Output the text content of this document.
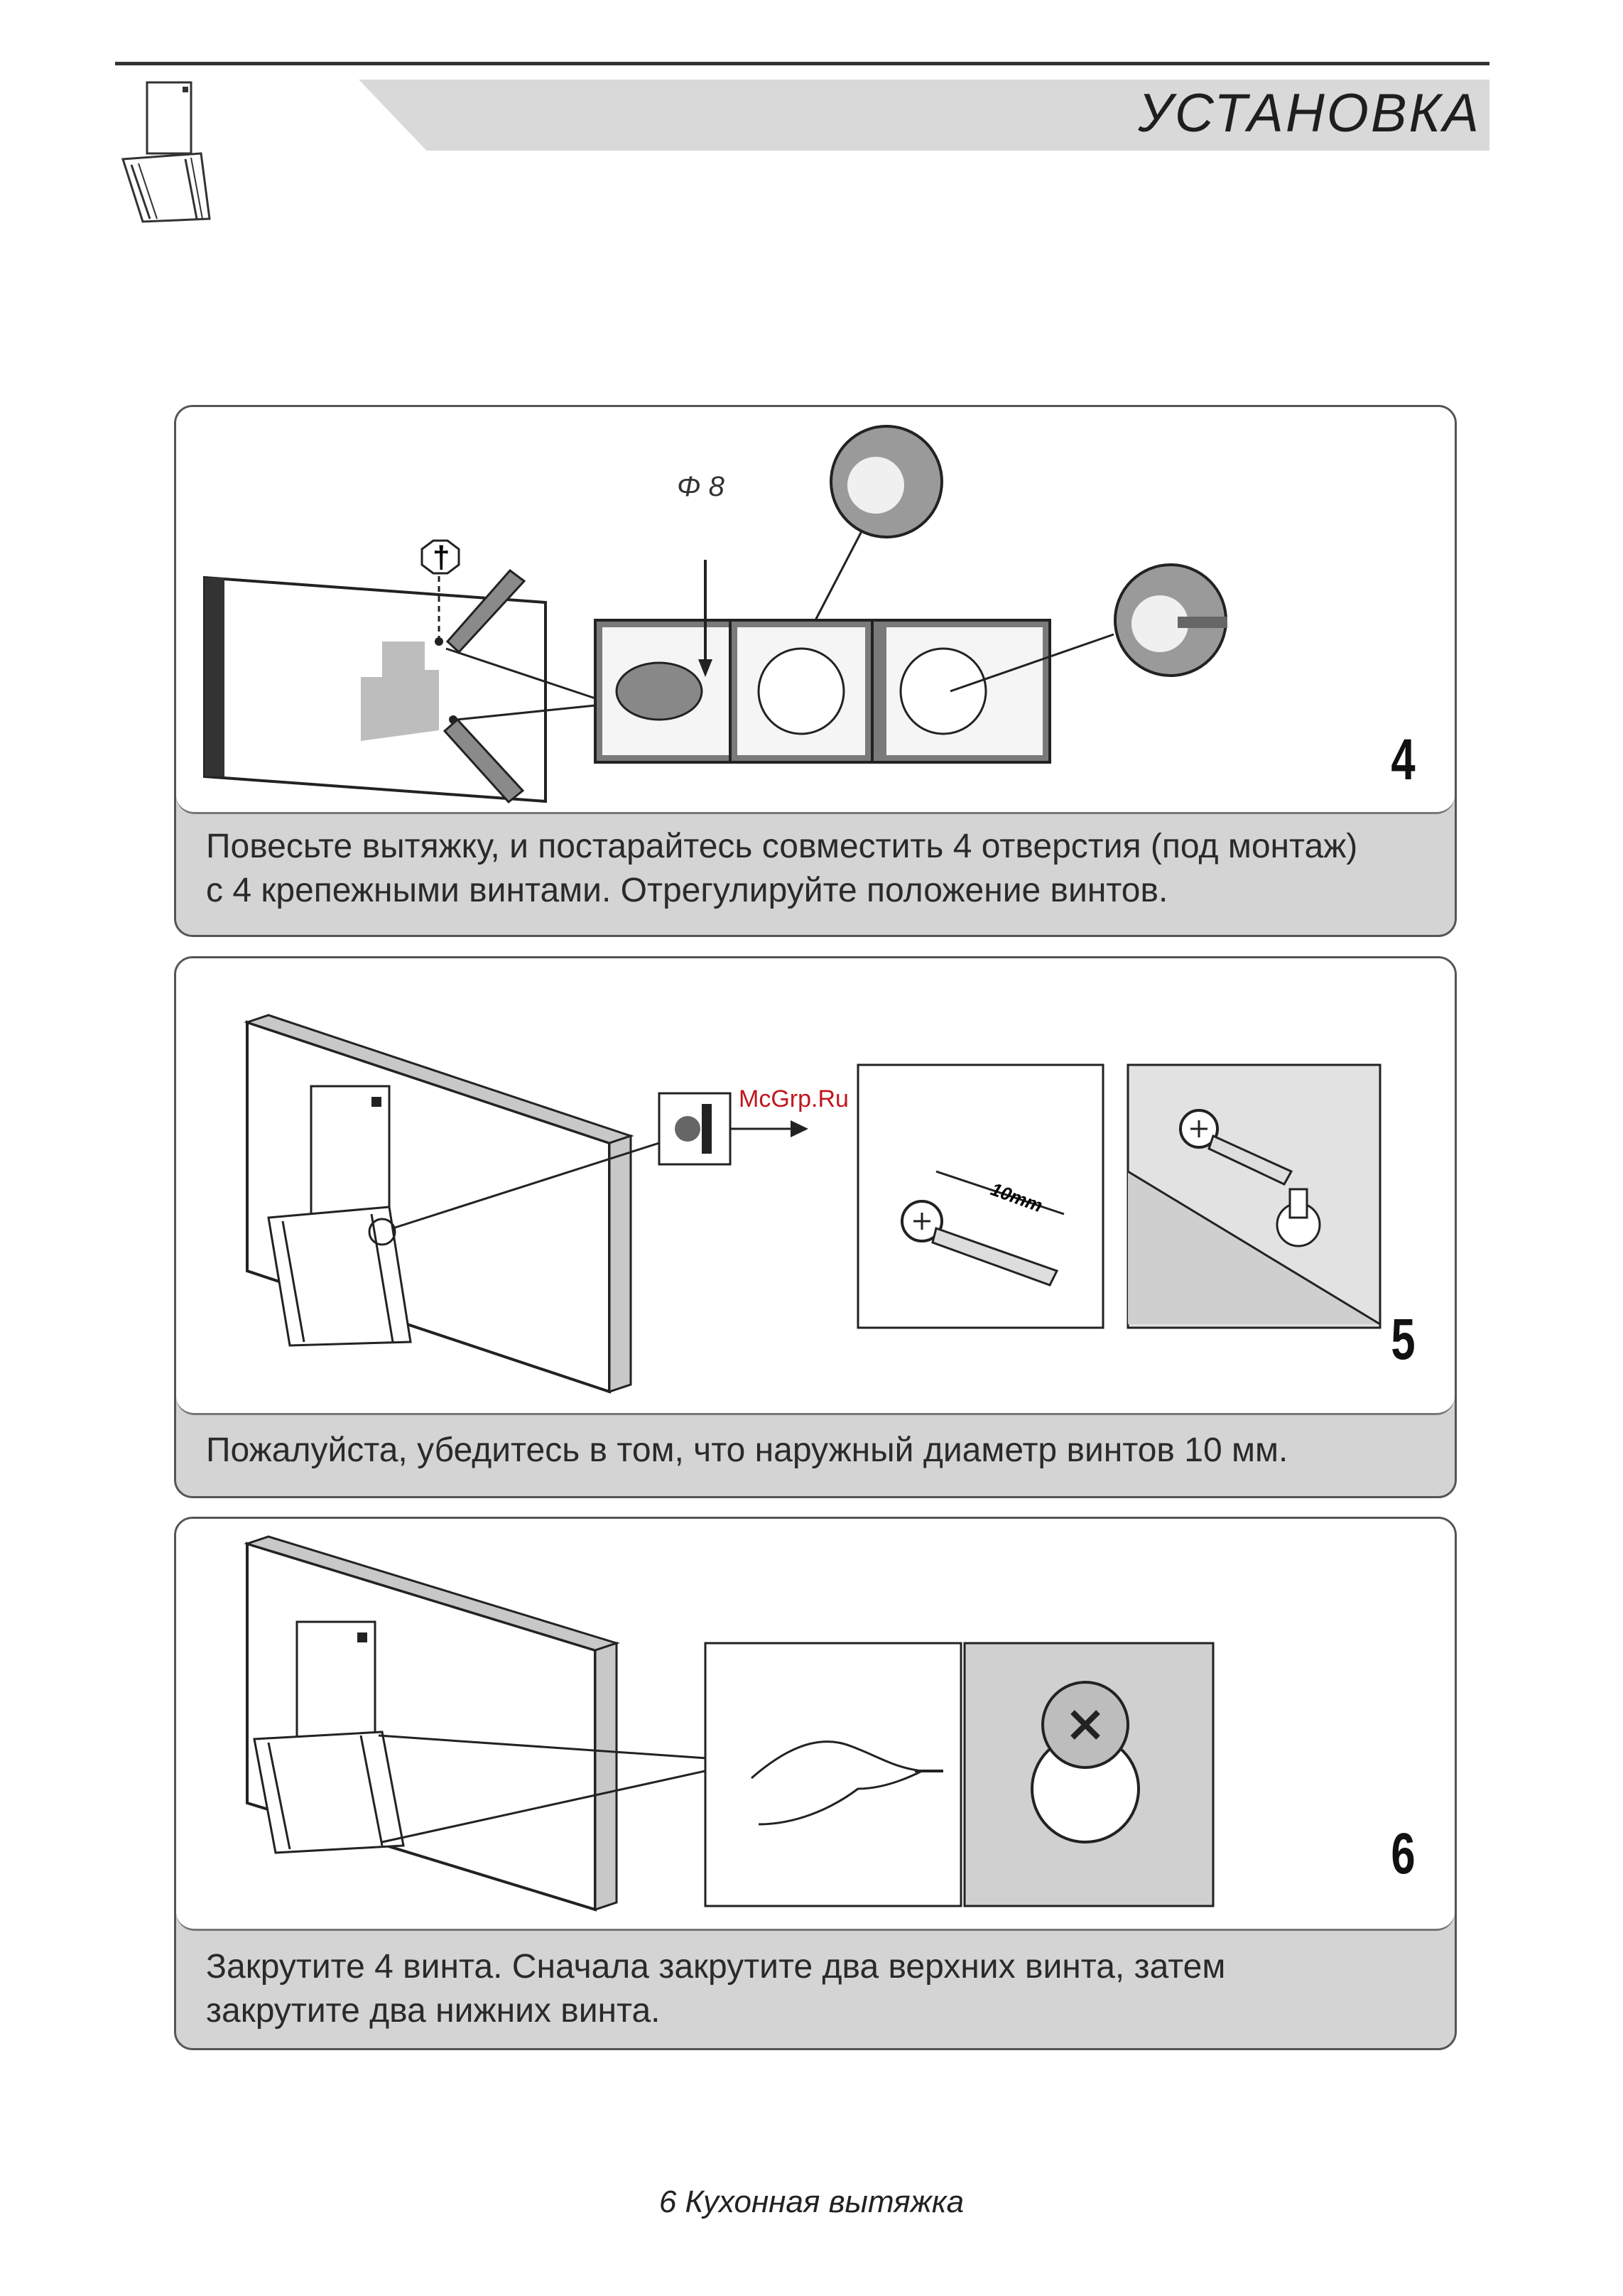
УСТАНОВКА
†
Φ 8
4
Повесьте вытяжку, и постарайтесь совместить 4 отверстия (под монтаж)
с 4 крепежными винтами. Отрегулируйте положение винтов.
10mm
5
Пожалуйста, убедитесь в том, что наружный диаметр винтов 10 мм.
6
Закрутите 4 винта. Сначала закрутите два верхних винта, затем
закрутите два нижних винта.
McGrp.Ru
6 Кухонная вытяжка
